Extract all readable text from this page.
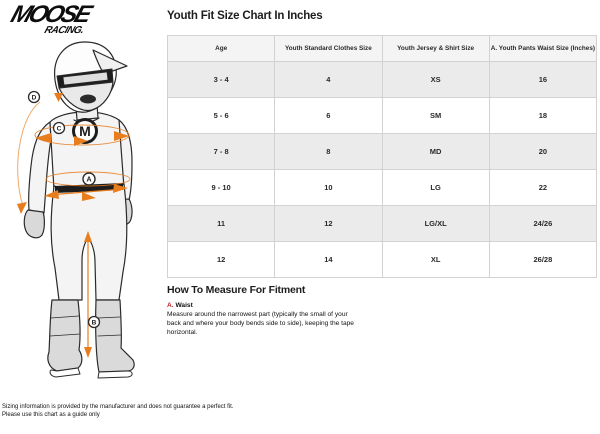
MOOSE
RACING.
M
D
C
A
B
Youth Fit Size Chart In Inches
Age	Youth Standard Clothes Size	Youth Jersey & Shirt Size	A. Youth Pants Waist Size (Inches)
3 - 4	4	XS	16
5 - 6	6	SM	18
7 - 8	8	MD	20
9 - 10	10	LG	22
11	12	LG/XL	24/26
12	14	XL	26/28
How To Measure For Fitment
A. Waist

Measure around the narrowest part (typically the small of your back and where your body bends side to side), keeping the tape horizontal.

Sizing information is provided by the manufacturer and does not guarantee a perfect fit.
Please use this chart as a guide only
